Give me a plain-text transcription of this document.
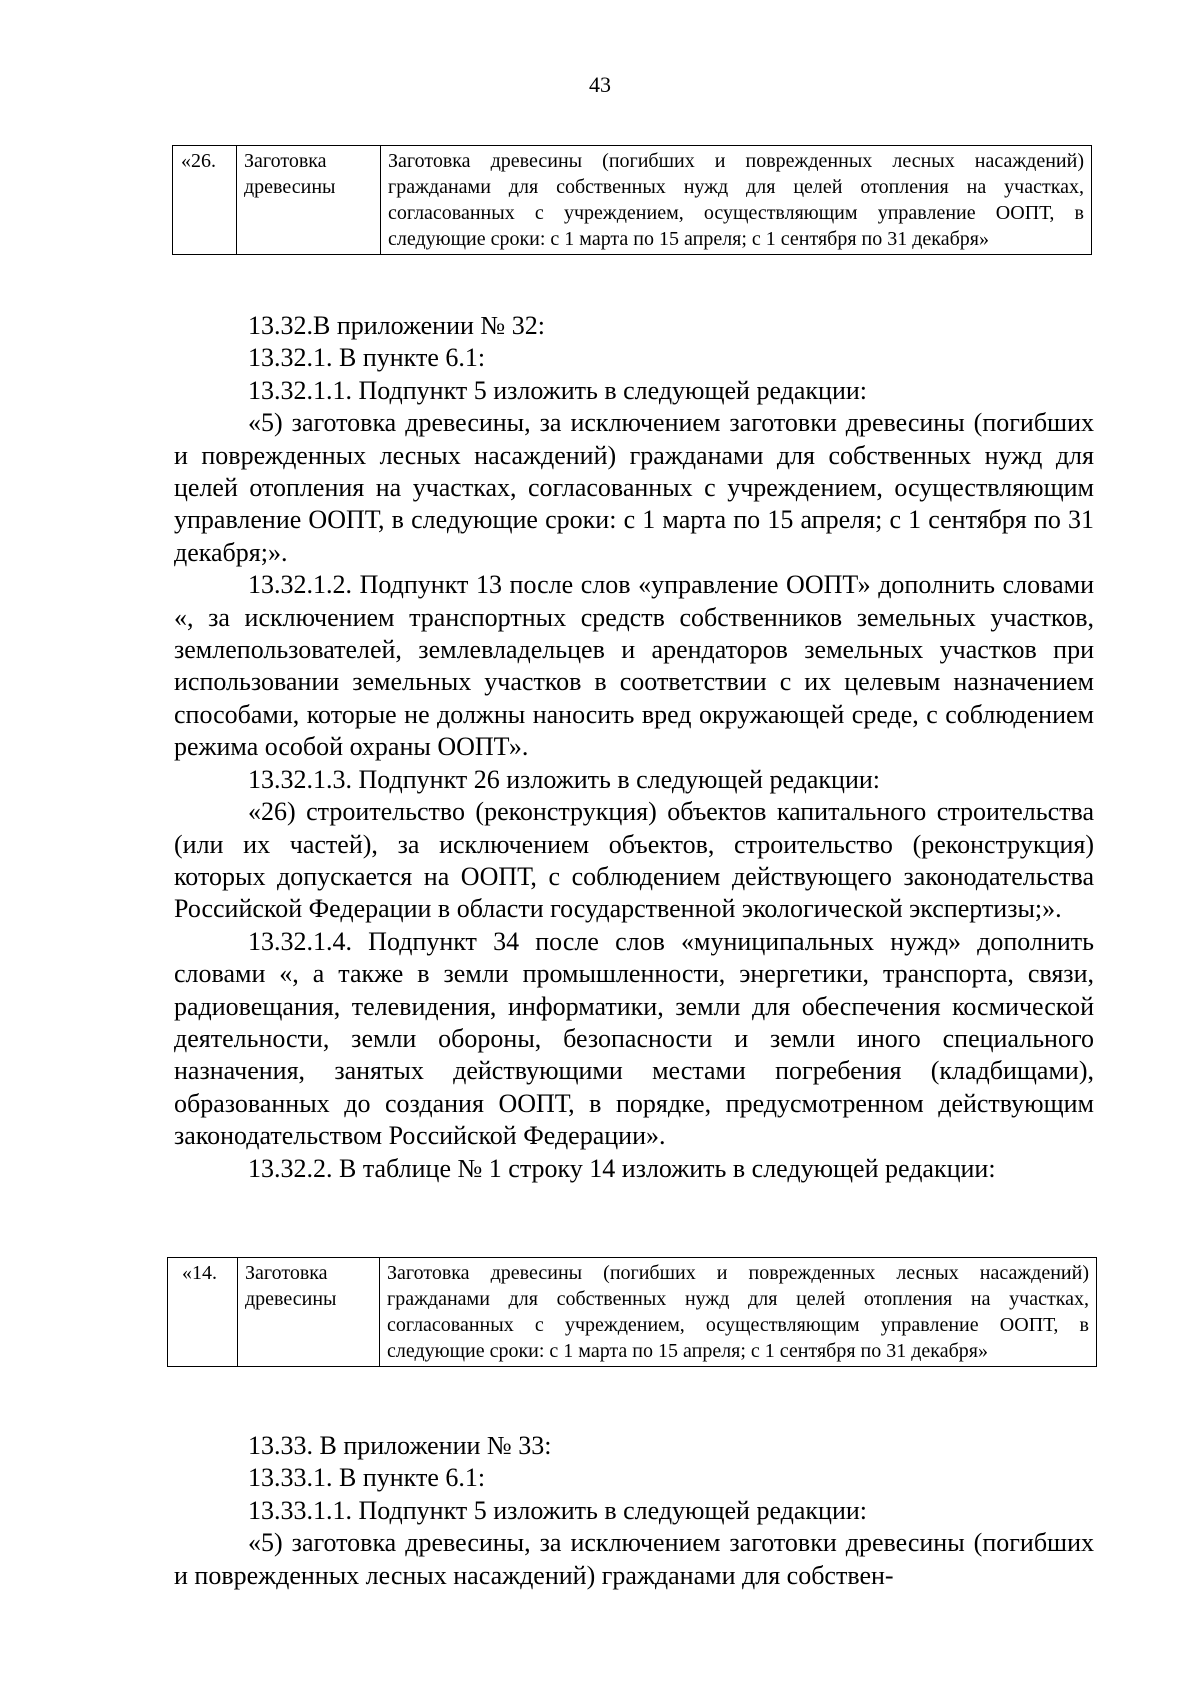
43
«26.	Заготовка древесины	Заготовка древесины (погибших и поврежденных лесных насаждений) гражданами для собственных нужд для целей отопления на участках, согласованных с учреждением, осуществляющим управление ООПТ, в следующие сроки: с 1 марта по 15 апреля; с 1 сентября по 31 декабря»

13.32.В приложении № 32:

13.32.1. В пункте 6.1:

13.32.1.1. Подпункт 5 изложить в следующей редакции:

«5) заготовка древесины, за исключением заготовки древесины (погибших и поврежденных лесных насаждений) гражданами для собственных нужд для целей отопления на участках, согласованных с учреждением, осуществляющим управление ООПТ, в следующие сроки: с 1 марта по 15 апреля; с 1 сентября по 31 декабря;».

13.32.1.2. Подпункт 13 после слов «управление ООПТ» дополнить словами «, за исключением транспортных средств собственников земельных участков, землепользователей, землевладельцев и арендаторов земельных участков при использовании земельных участков в соответствии с их целевым назначением способами, которые не должны наносить вред окружающей среде, с соблюдением режима особой охраны ООПТ».

13.32.1.3. Подпункт 26 изложить в следующей редакции:

«26) строительство (реконструкция) объектов капитального строительства (или их частей), за исключением объектов, строительство (реконструкция) которых допускается на ООПТ, с соблюдением действующего законодательства Российской Федерации в области государственной экологической экспертизы;».

13.32.1.4. Подпункт 34 после слов «муниципальных нужд» дополнить словами «, а также в земли промышленности, энергетики, транспорта, связи, радиовещания, телевидения, информатики, земли для обеспечения космической деятельности, земли обороны, безопасности и земли иного специального назначения, занятых действующими местами погребения (кладбищами), образованных до создания ООПТ, в порядке, предусмотренном действующим законодательством Российской Федерации».

13.32.2. В таблице № 1 строку 14 изложить в следующей редакции:

«14.	Заготовка древесины	Заготовка древесины (погибших и поврежденных лесных насаждений) гражданами для собственных нужд для целей отопления на участках, согласованных с учреждением, осуществляющим управление ООПТ, в следующие сроки: с 1 марта по 15 апреля; с 1 сентября по 31 декабря»

13.33. В приложении № 33:

13.33.1. В пункте 6.1:

13.33.1.1. Подпункт 5 изложить в следующей редакции:

«5) заготовка древесины, за исключением заготовки древесины (погибших и поврежденных лесных насаждений) гражданами для собствен-
